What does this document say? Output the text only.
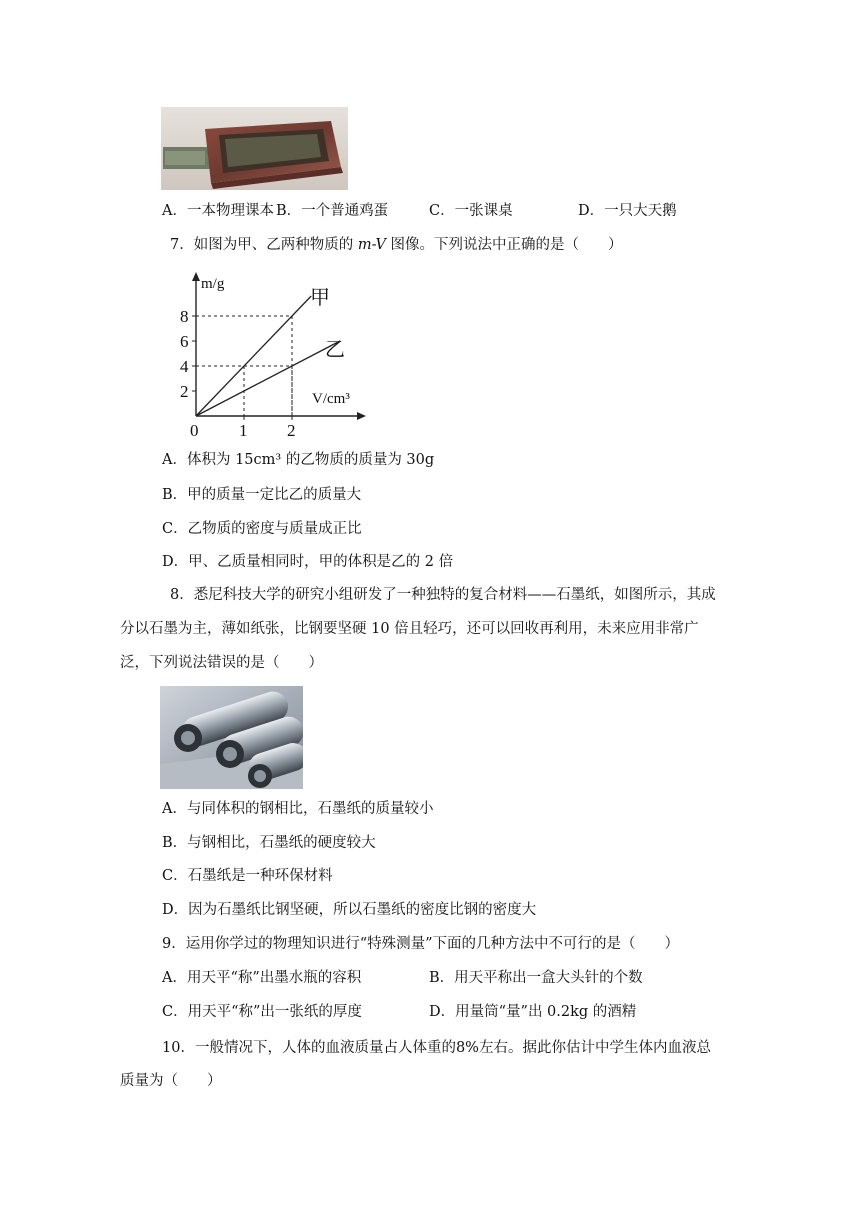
A．一本物理课本 B．一个普通鸡蛋	C．一张课桌	D．一只大天鹅
7．如图为甲、乙两种物质的 m-V 图像。下列说法中正确的是（　　）
m/g
V/cm³
2
4
6
8
0 1 2
甲
乙
A．体积为 15cm³ 的乙物质的质量为 30g
B．甲的质量一定比乙的质量大
C．乙物质的密度与质量成正比
D．甲、乙质量相同时，甲的体积是乙的 2 倍
8．悉尼科技大学的研究小组研发了一种独特的复合材料——石墨纸，如图所示，其成
分以石墨为主，薄如纸张，比钢要坚硬 10 倍且轻巧，还可以回收再利用，未来应用非常广
泛，下列说法错误的是（　　）
A．与同体积的钢相比，石墨纸的质量较小
B．与钢相比，石墨纸的硬度较大
C．石墨纸是一种环保材料
D．因为石墨纸比钢坚硬，所以石墨纸的密度比钢的密度大
9．运用你学过的物理知识进行“特殊测量”下面的几种方法中不可行的是（　　）
A．用天平“称”出墨水瓶的容积	B．用天平称出一盒大头针的个数
C．用天平“称”出一张纸的厚度	D．用量筒“量”出 0.2kg 的酒精
10．一般情况下，人体的血液质量占人体重的8%左右。据此你估计中学生体内血液总
质量为（　　）
